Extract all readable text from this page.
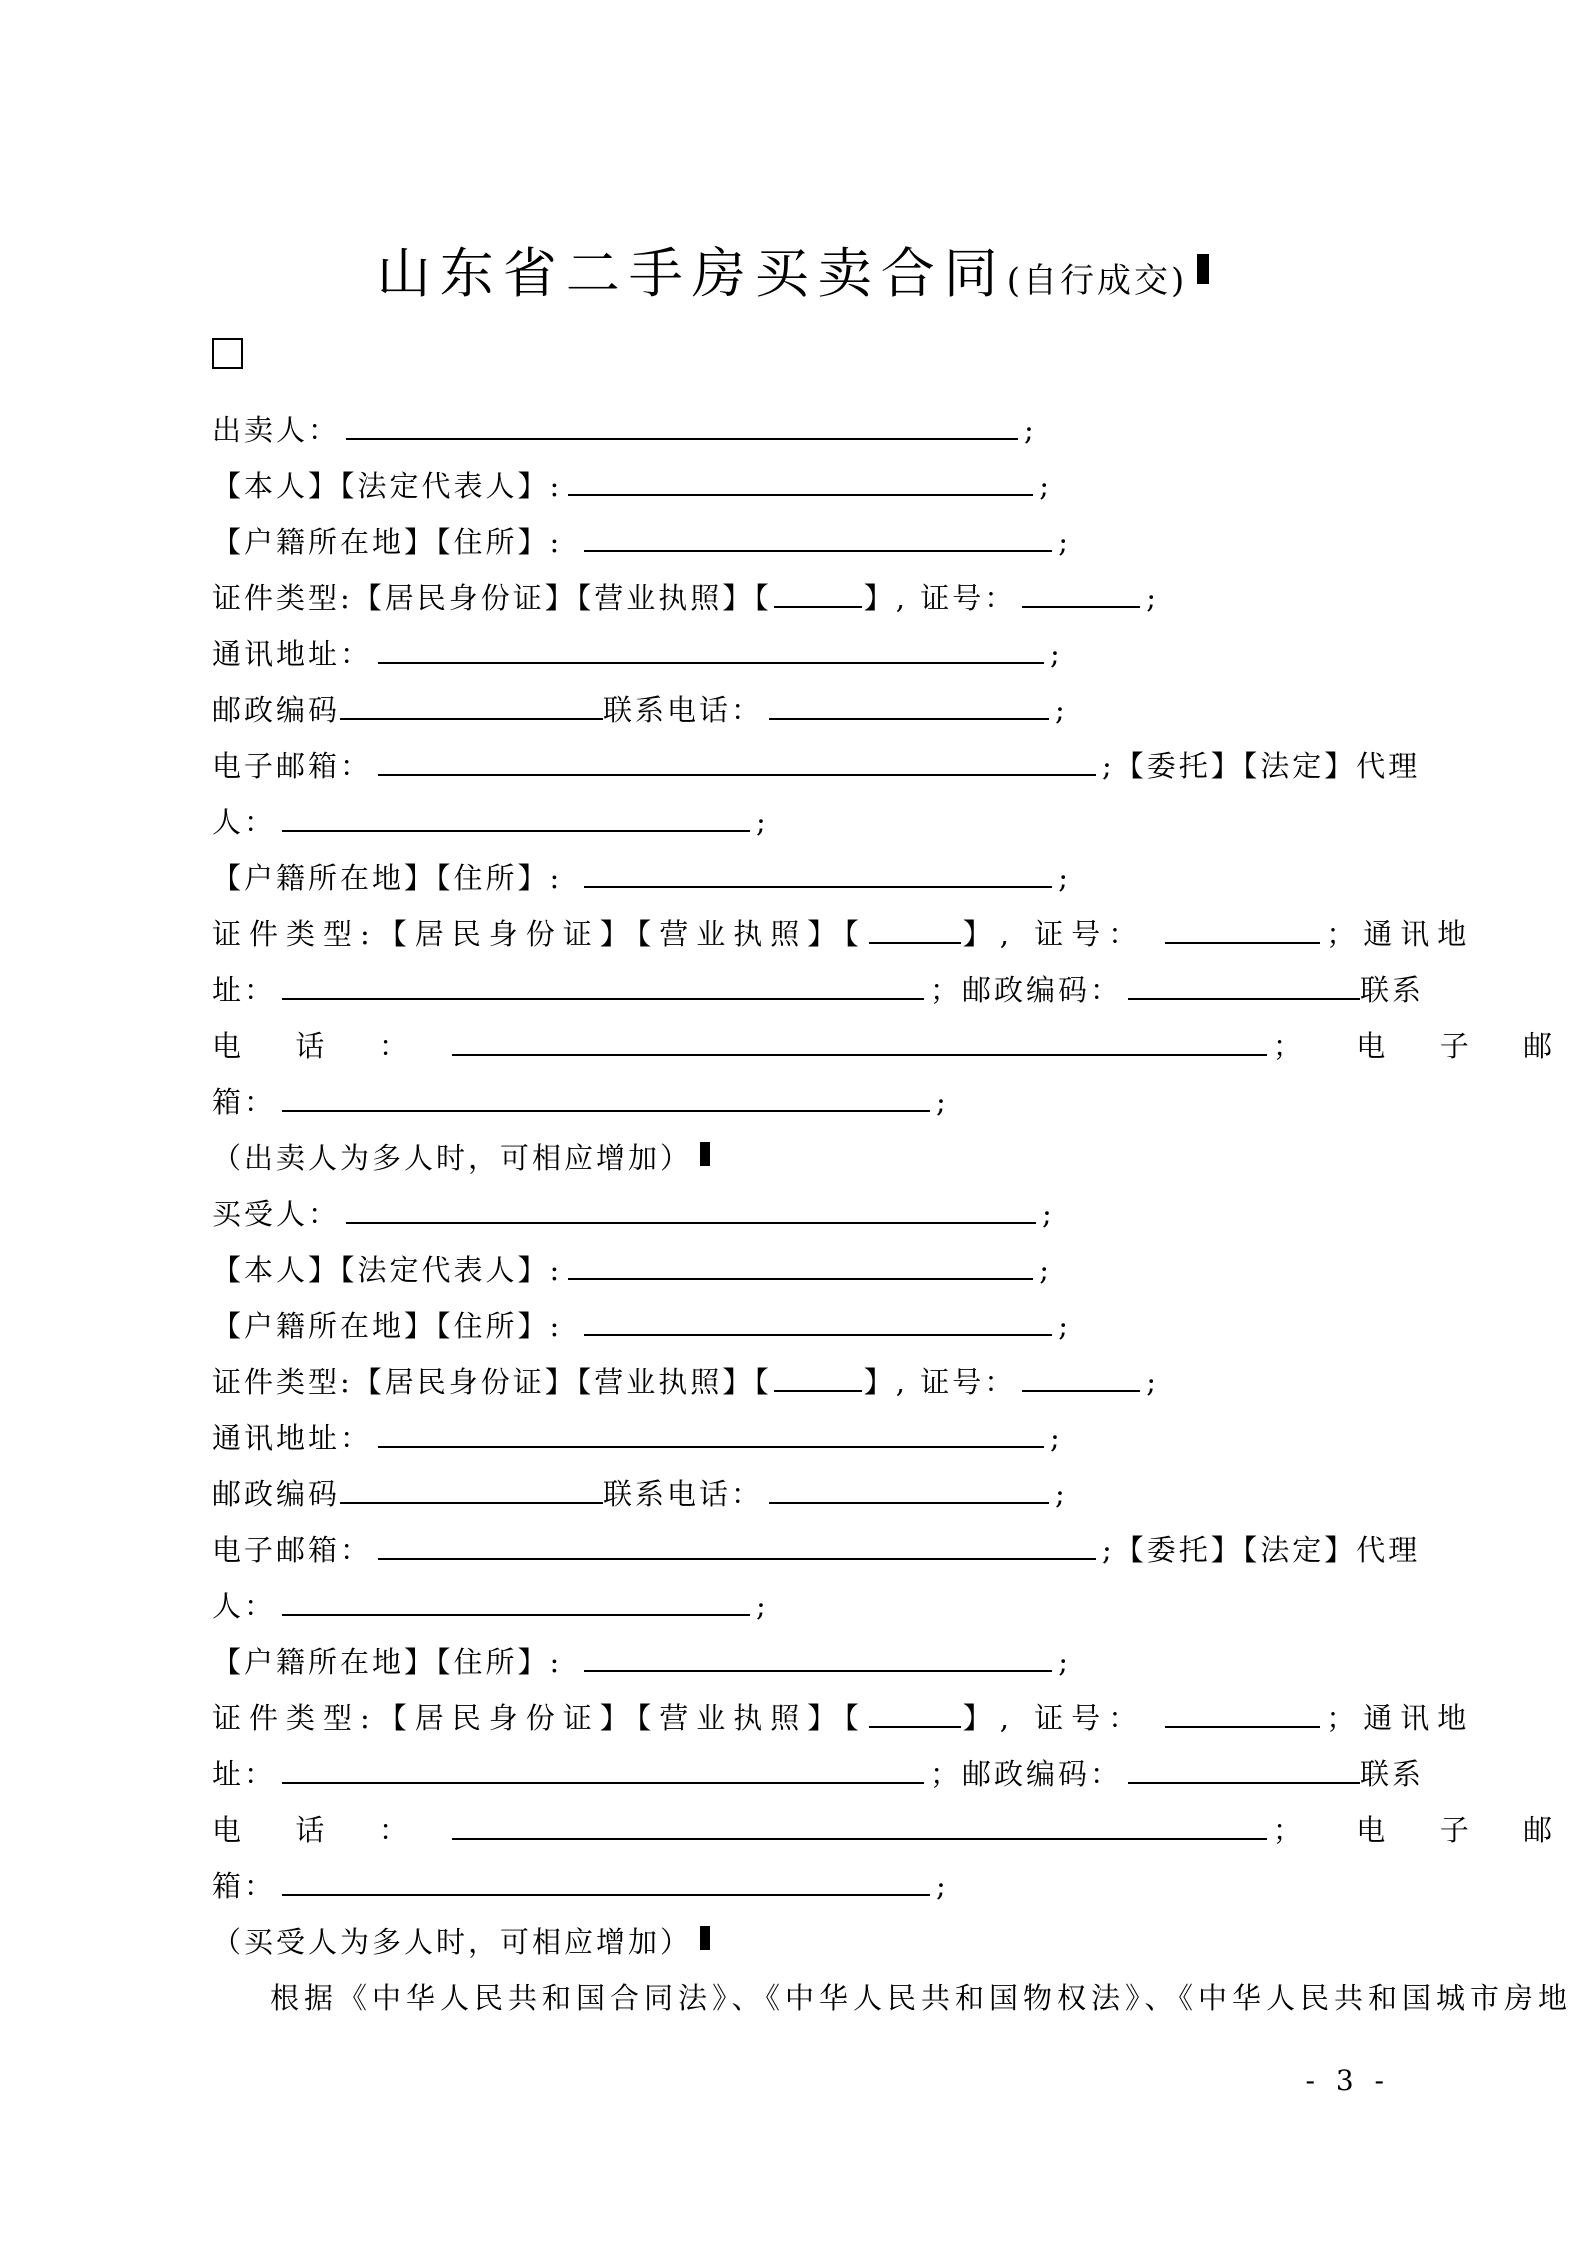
山东省二手房买卖合同(自行成交)
出卖人：	;
【本人】【法定代表人】:	;
【户籍所在地】【住所】:	;
证件类型:【居民身份证】【营业执照】【	】, 证号：	;
通讯地址：	;
邮政编码	联系电话：	;
电子邮箱：	;【委托】【法定】代理
人：	;
【户籍所在地】【住所】:	;
证件类型:【居民身份证】【营业执照】【	】, 证号：	；通讯地
址：	；邮政编码：	联系
电  话  ：	；  电  子  邮
箱：	;
（出卖人为多人时，可相应增加）
买受人：	;
【本人】【法定代表人】:	;
【户籍所在地】【住所】:	;
证件类型:【居民身份证】【营业执照】【	】, 证号：	;
通讯地址：	;
邮政编码	联系电话：	;
电子邮箱：	;【委托】【法定】代理
人：	;
【户籍所在地】【住所】:	;
证件类型:【居民身份证】【营业执照】【	】, 证号：	；通讯地
址：	；邮政编码：	联系
电  话  ：	；  电  子  邮
箱：	;
（买受人为多人时，可相应增加）
根据《中华人民共和国合同法》、《中华人民共和国物权法》、《中华人民共和国城市房地
- 3 -
